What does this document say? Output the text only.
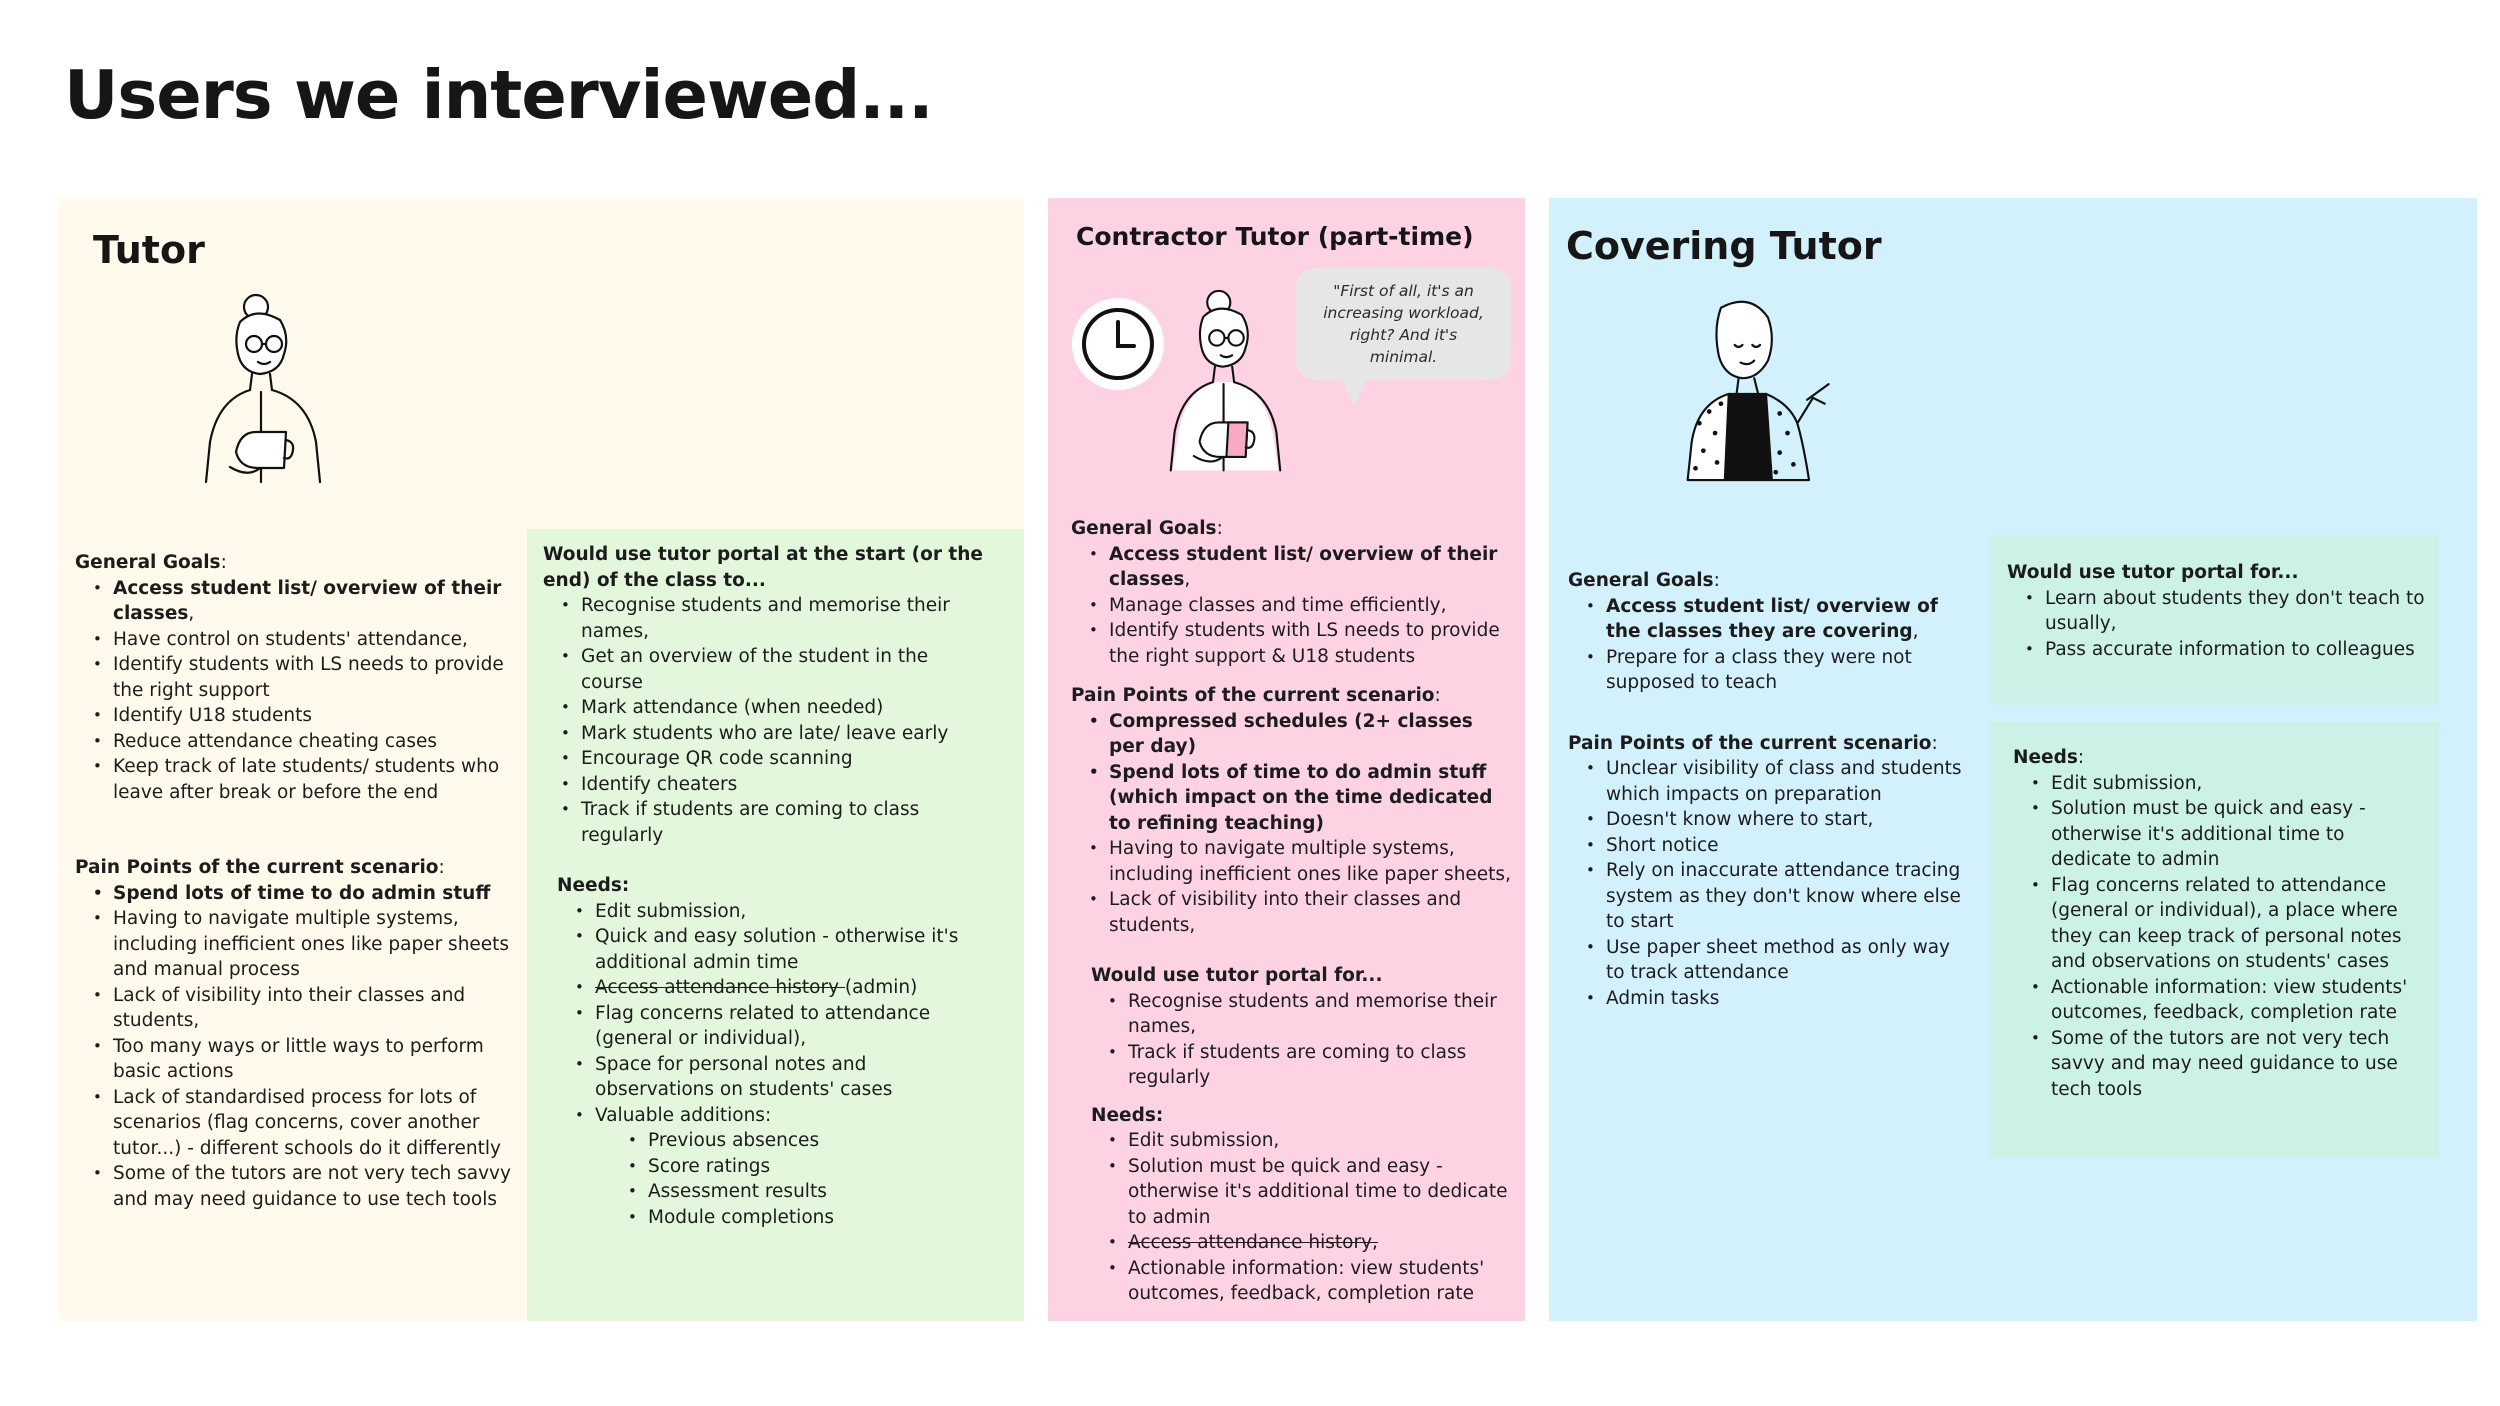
Users we interviewed...
Tutor	Contractor Tutor (part-time) Covering Tutor
"First of all, it's an increasing workload, right? And it's minimal.

General Goals:

• Access student list/ overview of their classes,
• Have control on students' attendance,
• Identify students with LS needs to provide the right support
• Identify U18 students
• Reduce attendance cheating cases
• Keep track of late students/ students who leave after break or before the end

Pain Points of the current scenario:

• Spend lots of time to do admin stuff
• Having to navigate multiple systems, including inefficient ones like paper sheets and manual process
• Lack of visibility into their classes and students,
• Too many ways or little ways to perform basic actions
• Lack of standardised process for lots of scenarios (flag concerns, cover another tutor...) - different schools do it differently
• Some of the tutors are not very tech savvy and may need guidance to use tech tools

Would use tutor portal at the start (or the end) of the class to...

• Recognise students and memorise their names,
• Get an overview of the student in the course
• Mark attendance (when needed)
• Mark students who are late/ leave early
• Encourage QR code scanning
• Identify cheaters
• Track if students are coming to class regularly

Needs:

• Edit submission,
• Quick and easy solution - otherwise it's additional admin time
• Access attendance history (admin)
• Flag concerns related to attendance (general or individual),
• Space for personal notes and observations on students' cases
• Valuable additions:
• Previous absences
• Score ratings
• Assessment results
• Module completions

General Goals:

• Access student list/ overview of their classes,
• Manage classes and time efficiently,
• Identify students with LS needs to provide the right support & U18 students

Pain Points of the current scenario:

• Compressed schedules (2+ classes per day)
• Spend lots of time to do admin stuff (which impact on the time dedicated to refining teaching)
• Having to navigate multiple systems, including inefficient ones like paper sheets,
• Lack of visibility into their classes and students,

Would use tutor portal for...

• Recognise students and memorise their names,
• Track if students are coming to class regularly

Needs:

• Edit submission,
• Solution must be quick and easy - otherwise it's additional time to dedicate to admin
• Access attendance history,
• Actionable information: view students' outcomes, feedback, completion rate

General Goals:

• Access student list/ overview of the classes they are covering,
• Prepare for a class they were not supposed to teach

Pain Points of the current scenario:

• Unclear visibility of class and students which impacts on preparation
• Doesn't know where to start,
• Short notice
• Rely on inaccurate attendance tracing system as they don't know where else to start
• Use paper sheet method as only way to track attendance
• Admin tasks

Would use tutor portal for...

• Learn about students they don't teach to usually,
• Pass accurate information to colleagues

Needs:

• Edit submission,
• Solution must be quick and easy - otherwise it's additional time to dedicate to admin
• Flag concerns related to attendance (general or individual), a place where they can keep track of personal notes and observations on students' cases
• Actionable information: view students' outcomes, feedback, completion rate
• Some of the tutors are not very tech savvy and may need guidance to use tech tools
